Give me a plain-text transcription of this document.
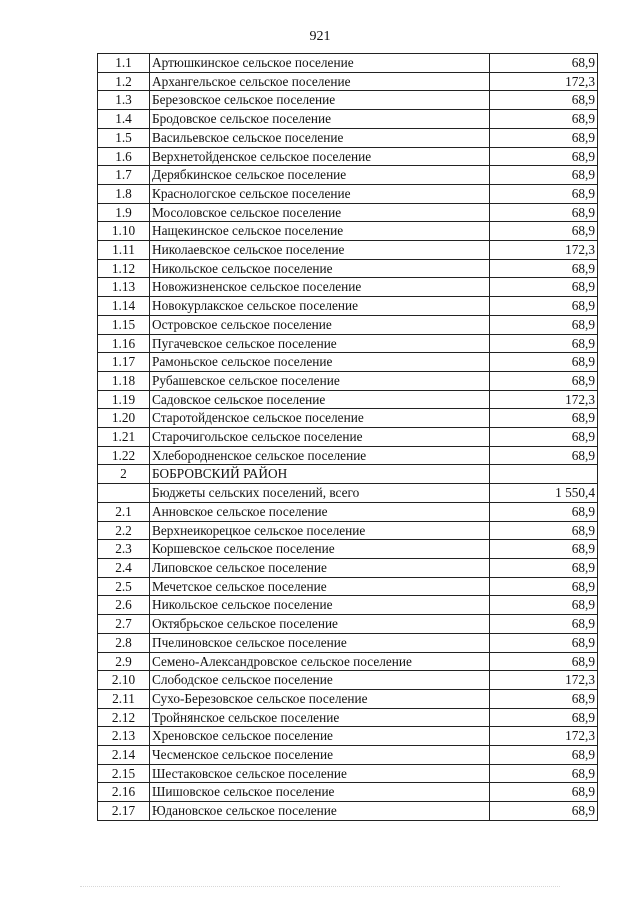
921
1.1	Артюшкинское сельское поселение	68,9
1.2	Архангельское сельское поселение	172,3
1.3	Березовское сельское поселение	68,9
1.4	Бродовское сельское поселение	68,9
1.5	Васильевское сельское поселение	68,9
1.6	Верхнетойденское сельское поселение	68,9
1.7	Дерябкинское сельское поселение	68,9
1.8	Краснологское сельское поселение	68,9
1.9	Мосоловское сельское поселение	68,9
1.10	Нащекинское сельское поселение	68,9
1.11	Николаевское сельское поселение	172,3
1.12	Никольское сельское поселение	68,9
1.13	Новожизненское сельское поселение	68,9
1.14	Новокурлакское сельское поселение	68,9
1.15	Островское сельское поселение	68,9
1.16	Пугачевское сельское поселение	68,9
1.17	Рамоньское сельское поселение	68,9
1.18	Рубашевское сельское поселение	68,9
1.19	Садовское сельское поселение	172,3
1.20	Старотойденское сельское поселение	68,9
1.21	Старочигольское сельское поселение	68,9
1.22	Хлебородненское сельское поселение	68,9
2	БОБРОВСКИЙ РАЙОН	
	Бюджеты сельских поселений, всего	1 550,4
2.1	Анновское сельское поселение	68,9
2.2	Верхнеикорецкое сельское поселение	68,9
2.3	Коршевское сельское поселение	68,9
2.4	Липовское сельское поселение	68,9
2.5	Мечетское сельское поселение	68,9
2.6	Никольское сельское поселение	68,9
2.7	Октябрьское сельское поселение	68,9
2.8	Пчелиновское сельское поселение	68,9
2.9	Семено-Александровское сельское поселение	68,9
2.10	Слободское сельское поселение	172,3
2.11	Сухо-Березовское сельское поселение	68,9
2.12	Тройнянское сельское поселение	68,9
2.13	Хреновское сельское поселение	172,3
2.14	Чесменское сельское поселение	68,9
2.15	Шестаковское сельское поселение	68,9
2.16	Шишовское сельское поселение	68,9
2.17	Юдановское сельское поселение	68,9
